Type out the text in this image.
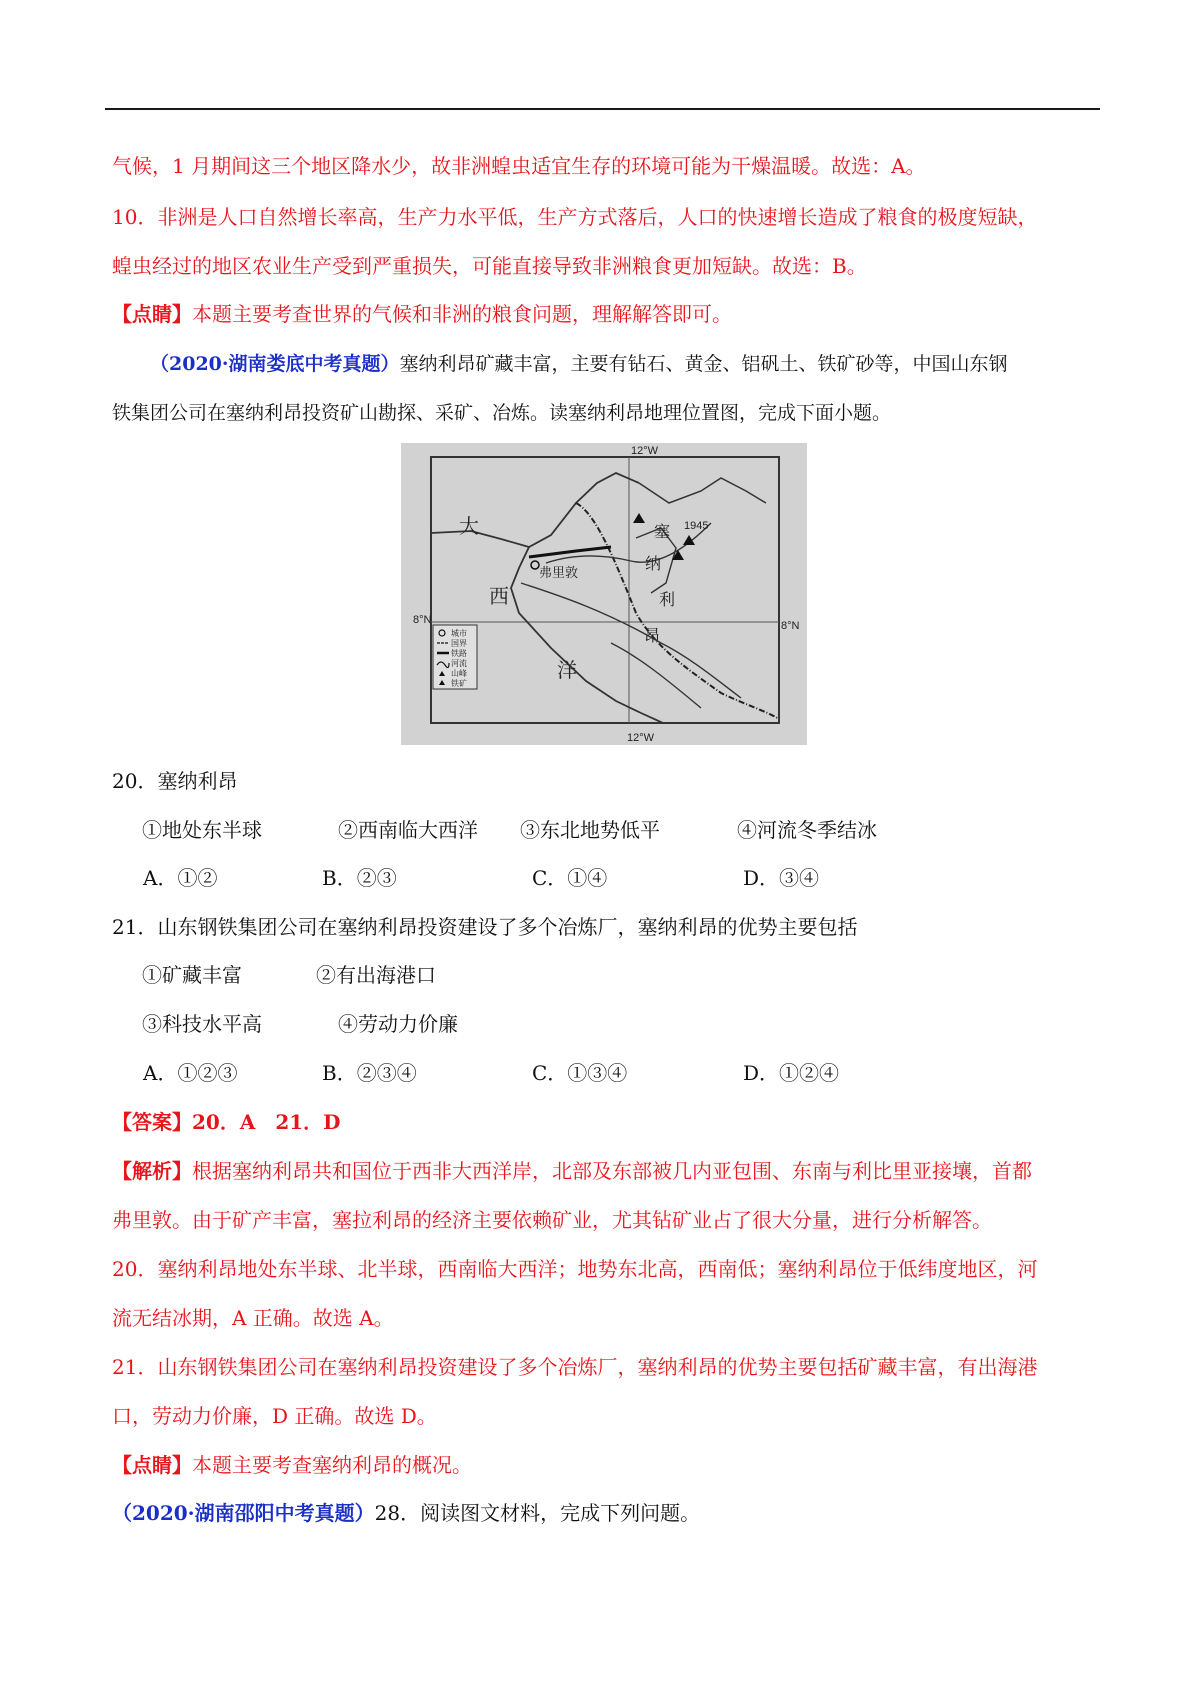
气候，1 月期间这三个地区降水少，故非洲蝗虫适宜生存的环境可能为干燥温暖。故选：A。
10．非洲是人口自然增长率高，生产力水平低，生产方式落后，人口的快速增长造成了粮食的极度短缺，
蝗虫经过的地区农业生产受到严重损失，可能直接导致非洲粮食更加短缺。故选：B。
【点睛】本题主要考查世界的气候和非洲的粮食问题，理解解答即可。
（2020·湖南娄底中考真题）塞纳利昂矿藏丰富，主要有钻石、黄金、铝矾土、铁矿砂等，中国山东钢
铁集团公司在塞纳利昂投资矿山勘探、采矿、冶炼。读塞纳利昂地理位置图，完成下面小题。
12°W
12°W
8°N	8°N
大
西
洋
塞
纳
利
昂
弗里敦
1945
城市
国界
铁路
河流
山峰
铁矿
20．塞纳利昂
①地处东半球	②西南临大西洋 ③东北地势低平	④河流冬季结冰
A．①②	B．②③	C．①④	D．③④
21．山东钢铁集团公司在塞纳利昂投资建设了多个冶炼厂，塞纳利昂的优势主要包括
①矿藏丰富	②有出海港口
③科技水平高	④劳动力价廉
A．①②③	B．②③④	C．①③④	D．①②④
【答案】20．A　21．D
【解析】根据塞纳利昂共和国位于西非大西洋岸，北部及东部被几内亚包围、东南与利比里亚接壤，首都
弗里敦。由于矿产丰富，塞拉利昂的经济主要依赖矿业，尤其钻矿业占了很大分量，进行分析解答。
20．塞纳利昂地处东半球、北半球，西南临大西洋；地势东北高，西南低；塞纳利昂位于低纬度地区，河
流无结冰期，A 正确。故选 A。
21．山东钢铁集团公司在塞纳利昂投资建设了多个冶炼厂，塞纳利昂的优势主要包括矿藏丰富，有出海港
口，劳动力价廉，D 正确。故选 D。
【点睛】本题主要考查塞纳利昂的概况。
（2020·湖南邵阳中考真题）28．阅读图文材料，完成下列问题。
